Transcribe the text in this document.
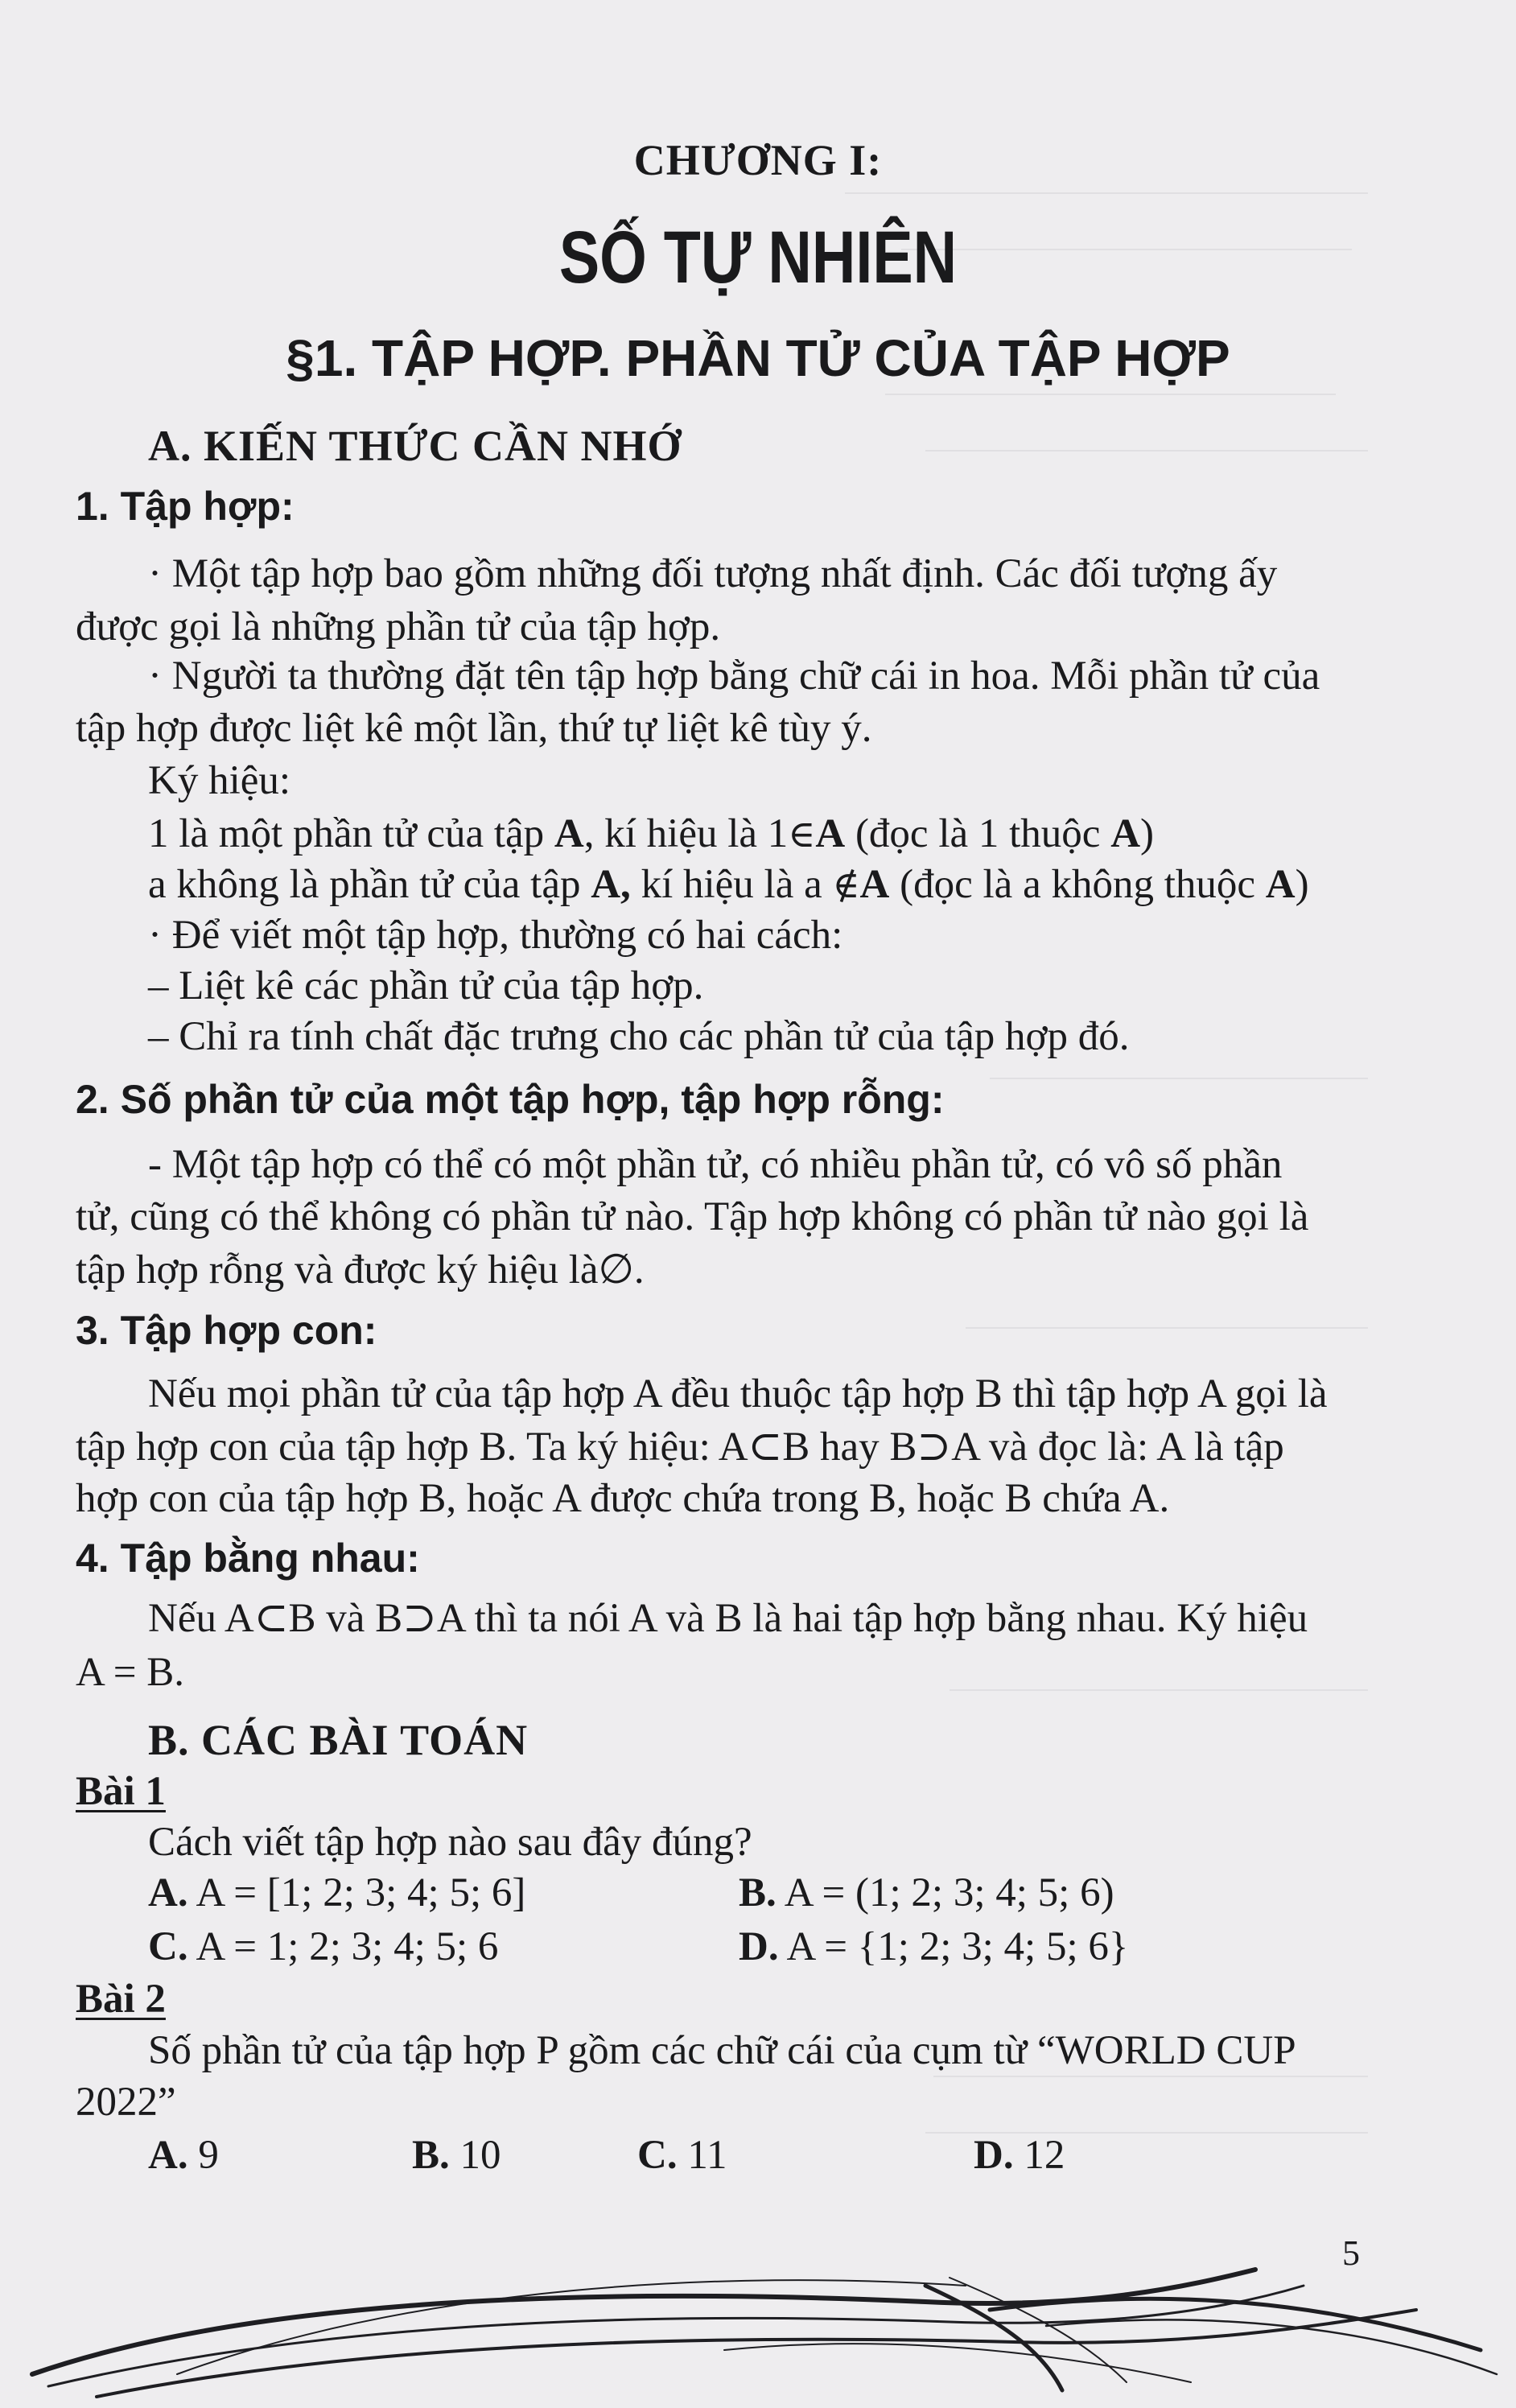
CHƯƠNG I:
SỐ TỰ NHIÊN
§1. TẬP HỢP. PHẦN TỬ CỦA TẬP HỢP
A. KIẾN THỨC CẦN NHỚ
1. Tập hợp:
· Một tập hợp bao gồm những đối tượng nhất định. Các đối tượng ấy
được gọi là những phần tử của tập hợp.
· Người ta thường đặt tên tập hợp bằng chữ cái in hoa. Mỗi phần tử của
tập hợp được liệt kê một lần, thứ tự liệt kê tùy ý.
Ký hiệu:
1 là một phần tử của tập A, kí hiệu là 1∈A (đọc là 1 thuộc A)
a không là phần tử của tập A, kí hiệu là a ∉A (đọc là a không thuộc A)
· Để viết một tập hợp, thường có hai cách:
– Liệt kê các phần tử của tập hợp.
– Chỉ ra tính chất đặc trưng cho các phần tử của tập hợp đó.
2. Số phần tử của một tập hợp, tập hợp rỗng:
- Một tập hợp có thể có một phần tử, có nhiều phần tử, có vô số phần
tử, cũng có thể không có phần tử nào. Tập hợp không có phần tử nào gọi là
tập hợp rỗng và được ký hiệu là∅.
3. Tập hợp con:
Nếu mọi phần tử của tập hợp A đều thuộc tập hợp B thì tập hợp A gọi là
tập hợp con của tập hợp B. Ta ký hiệu: A⊂B hay B⊃A và đọc là: A là tập
hợp con của tập hợp B, hoặc A được chứa trong B, hoặc B chứa A.
4. Tập bằng nhau:
Nếu A⊂B và B⊃A thì ta nói A và B là hai tập hợp bằng nhau. Ký hiệu
A = B.
B. CÁC BÀI TOÁN
Bài 1
Cách viết tập hợp nào sau đây đúng?
A. A = [1; 2; 3; 4; 5; 6]	B. A = (1; 2; 3; 4; 5; 6)
C. A = 1; 2; 3; 4; 5; 6	D. A = {1; 2; 3; 4; 5; 6}
Bài 2
Số phần tử của tập hợp P gồm các chữ cái của cụm từ “WORLD CUP
2022”
A. 9	B. 10	C. 11	D. 12
5
